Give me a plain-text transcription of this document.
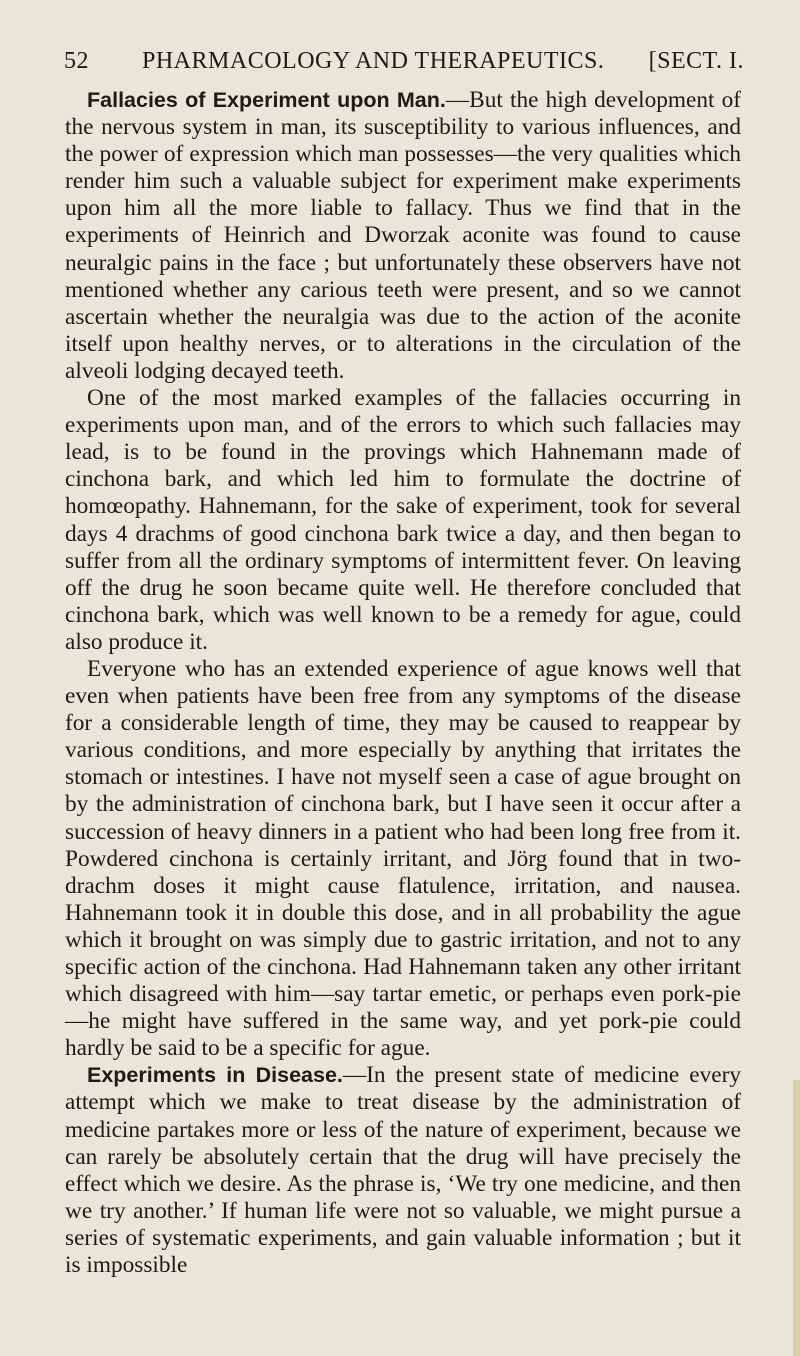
52 PHARMACOLOGY AND THERAPEUTICS. [SECT. I.

Fallacies of Experiment upon Man.—But the high development of the nervous system in man, its susceptibility to various influences, and the power of expression which man possesses—the very qualities which render him such a valuable subject for experiment make experiments upon him all the more liable to fallacy. Thus we find that in the experiments of Heinrich and Dworzak aconite was found to cause neuralgic pains in the face ; but unfortunately these observers have not mentioned whether any carious teeth were present, and so we cannot ascertain whether the neuralgia was due to the action of the aconite itself upon healthy nerves, or to alterations in the circulation of the alveoli lodging decayed teeth.

One of the most marked examples of the fallacies occurring in experiments upon man, and of the errors to which such fallacies may lead, is to be found in the provings which Hahnemann made of cinchona bark, and which led him to formulate the doctrine of homœopathy. Hahnemann, for the sake of experiment, took for several days 4 drachms of good cinchona bark twice a day, and then began to suffer from all the ordinary symptoms of intermittent fever. On leaving off the drug he soon became quite well. He therefore concluded that cinchona bark, which was well known to be a remedy for ague, could also produce it.

Everyone who has an extended experience of ague knows well that even when patients have been free from any symptoms of the disease for a considerable length of time, they may be caused to reappear by various conditions, and more especially by anything that irritates the stomach or intestines. I have not myself seen a case of ague brought on by the administration of cinchona bark, but I have seen it occur after a succession of heavy dinners in a patient who had been long free from it. Powdered cinchona is certainly irritant, and Jörg found that in two-drachm doses it might cause flatulence, irritation, and nausea. Hahnemann took it in double this dose, and in all probability the ague which it brought on was simply due to gastric irritation, and not to any specific action of the cinchona. Had Hahnemann taken any other irritant which disagreed with him—say tartar emetic, or perhaps even pork-pie—he might have suffered in the same way, and yet pork-pie could hardly be said to be a specific for ague.

Experiments in Disease.—In the present state of medicine every attempt which we make to treat disease by the administration of medicine partakes more or less of the nature of experiment, because we can rarely be absolutely certain that the drug will have precisely the effect which we desire. As the phrase is, ‘We try one medicine, and then we try another.’ If human life were not so valuable, we might pursue a series of systematic experiments, and gain valuable information ; but it is impossible
